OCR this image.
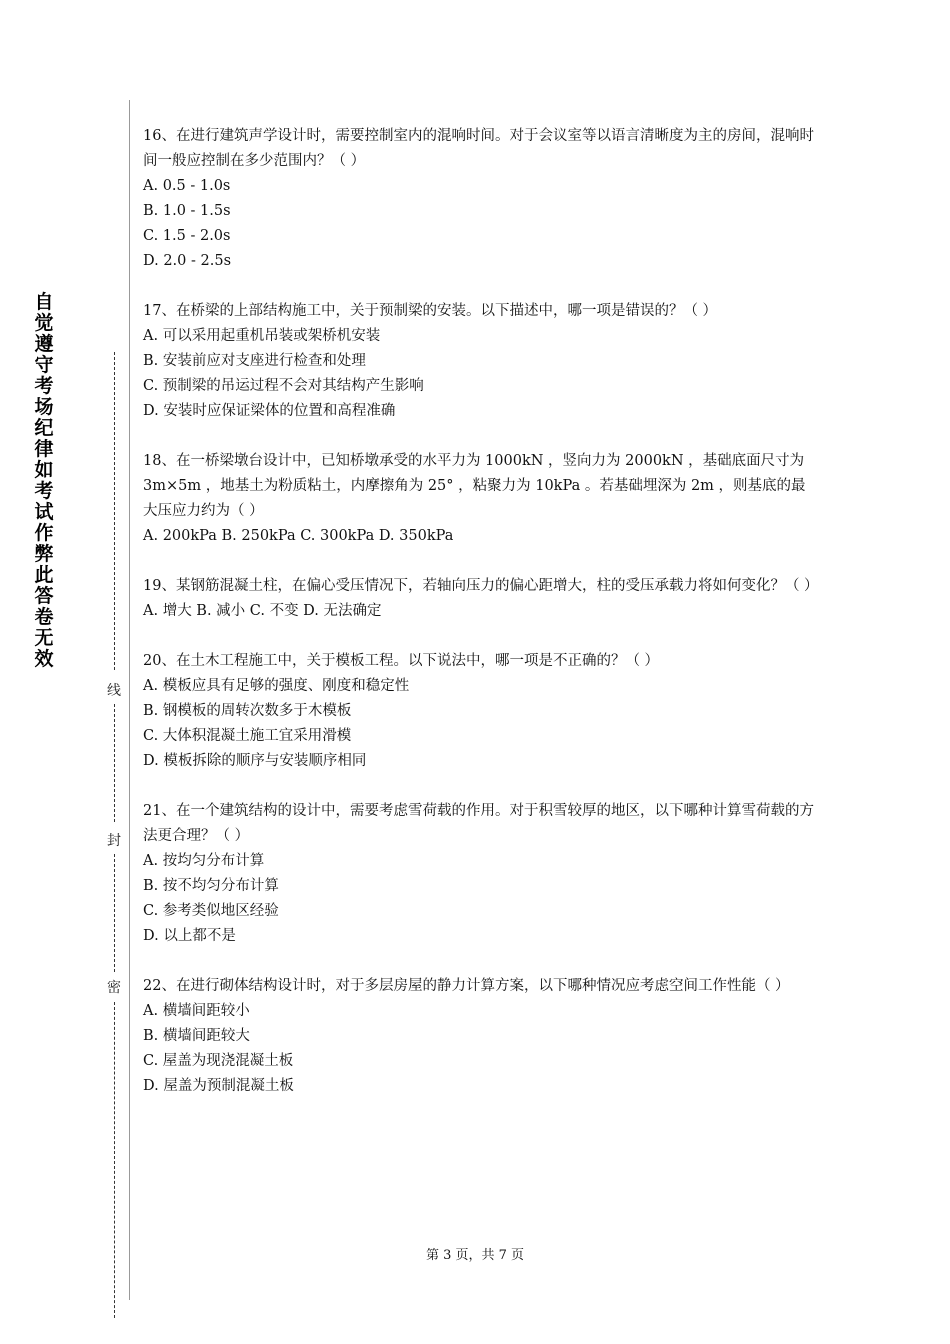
自觉遵守考场纪律如考试作弊此答卷无效
线
封
密

16、在进行建筑声学设计时，需要控制室内的混响时间。对于会议室等以语言清晰度为主的房间，混响时间一般应控制在多少范围内？（ ）

A. 0.5 - 1.0s

B. 1.0 - 1.5s

C. 1.5 - 2.0s

D. 2.0 - 2.5s

17、在桥梁的上部结构施工中，关于预制梁的安装。以下描述中，哪一项是错误的？（ ）

A. 可以采用起重机吊装或架桥机安装

B. 安装前应对支座进行检查和处理

C. 预制梁的吊运过程不会对其结构产生影响

D. 安装时应保证梁体的位置和高程准确

18、在一桥梁墩台设计中，已知桥墩承受的水平力为 1000kN ，竖向力为 2000kN ，基础底面尺寸为 3m×5m ，地基土为粉质粘土，内摩擦角为 25° ，粘聚力为 10kPa 。若基础埋深为 2m ，则基底的最大压应力约为（ ）

A. 200kPa B. 250kPa C. 300kPa D. 350kPa

19、某钢筋混凝土柱，在偏心受压情况下，若轴向压力的偏心距增大，柱的受压承载力将如何变化？（ ）

A. 增大 B. 减小 C. 不变 D. 无法确定

20、在土木工程施工中，关于模板工程。以下说法中，哪一项是不正确的？（ ）

A. 模板应具有足够的强度、刚度和稳定性

B. 钢模板的周转次数多于木模板

C. 大体积混凝土施工宜采用滑模

D. 模板拆除的顺序与安装顺序相同

21、在一个建筑结构的设计中，需要考虑雪荷载的作用。对于积雪较厚的地区，以下哪种计算雪荷载的方法更合理？（ ）

A. 按均匀分布计算

B. 按不均匀分布计算

C. 参考类似地区经验

D. 以上都不是

22、在进行砌体结构设计时，对于多层房屋的静力计算方案，以下哪种情况应考虑空间工作性能（ ）

A. 横墙间距较小

B. 横墙间距较大

C. 屋盖为现浇混凝土板

D. 屋盖为预制混凝土板

第 3 页，共 7 页
